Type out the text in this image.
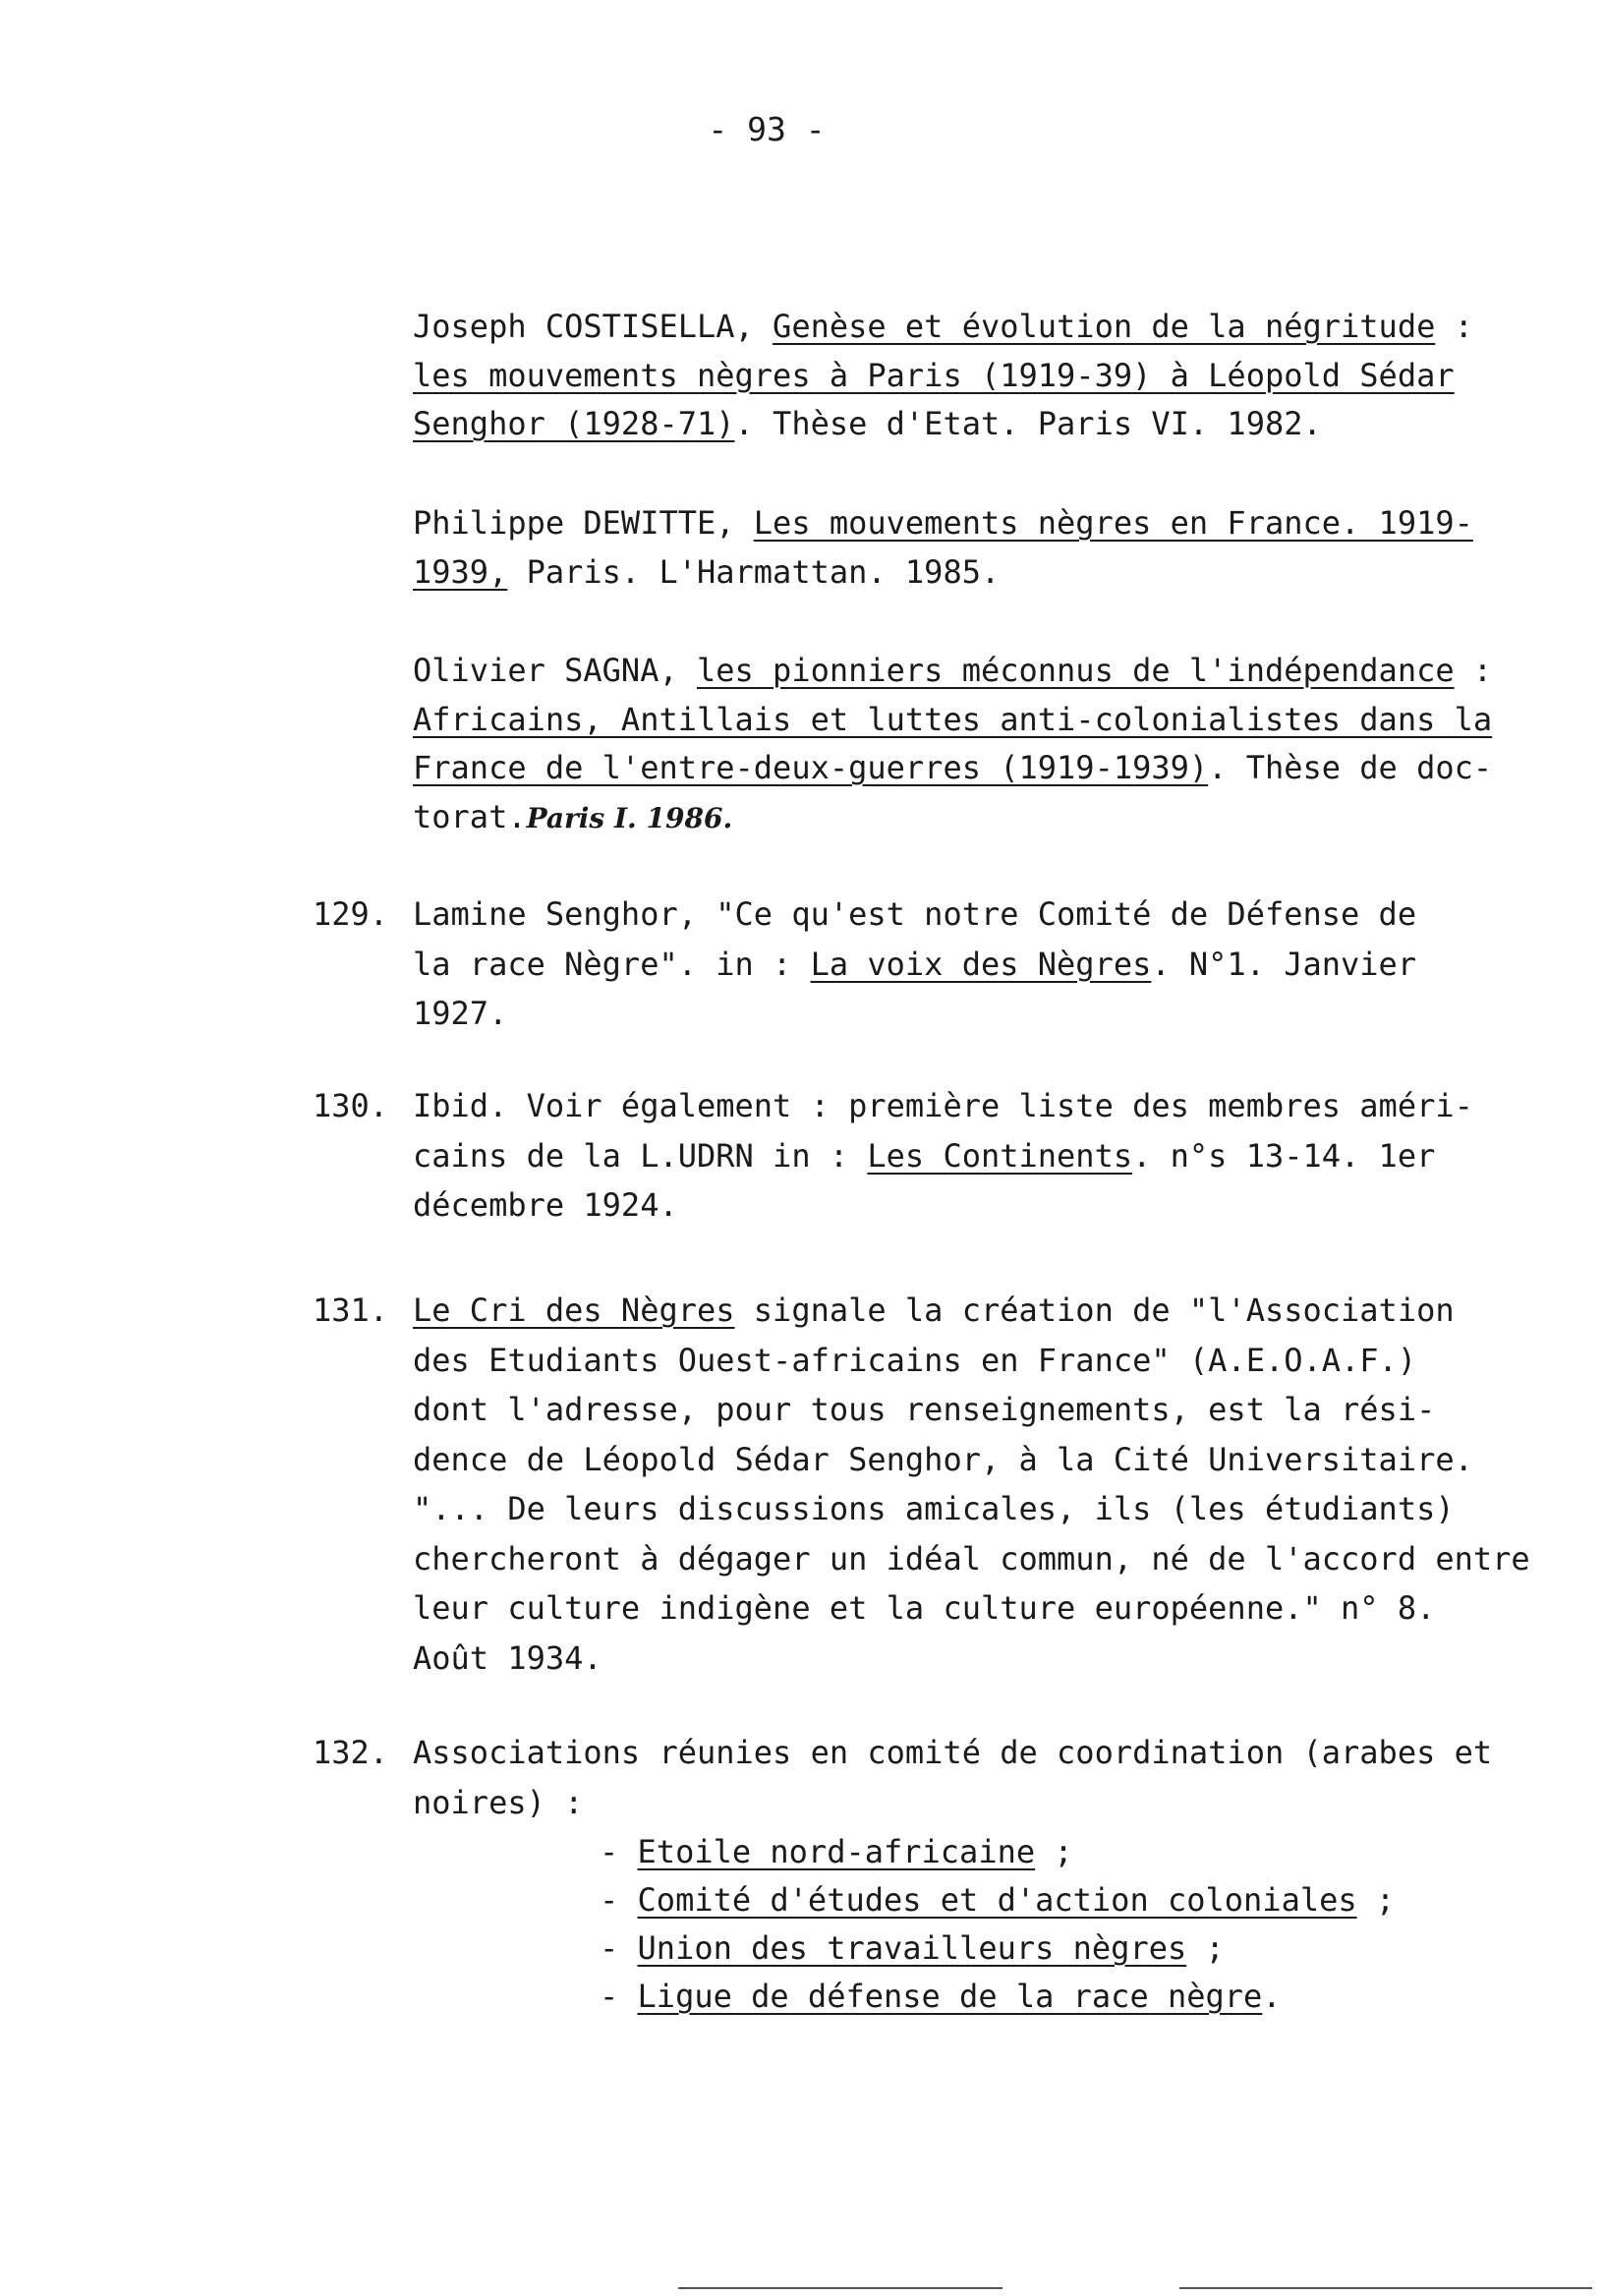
- 93 -
Joseph COSTISELLA, Genèse et évolution de la négritude :
les mouvements nègres à Paris (1919-39) à Léopold Sédar
Senghor (1928-71). Thèse d'Etat. Paris VI. 1982.
Philippe DEWITTE, Les mouvements nègres en France. 1919-
1939, Paris. L'Harmattan. 1985.
Olivier SAGNA, les pionniers méconnus de l'indépendance :
Africains, Antillais et luttes anti-colonialistes dans la
France de l'entre-deux-guerres (1919-1939). Thèse de doc-
torat.Paris I. 1986.
129. Lamine Senghor, "Ce qu'est notre Comité de Défense de
la race Nègre". in : La voix des Nègres. N°1. Janvier
1927.
130. Ibid. Voir également : première liste des membres améri-
cains de la L.UDRN in : Les Continents. n°s 13-14. 1er
décembre 1924.
131. Le Cri des Nègres signale la création de "l'Association
des Etudiants Ouest-africains en France" (A.E.O.A.F.)
dont l'adresse, pour tous renseignements, est la rési-
dence de Léopold Sédar Senghor, à la Cité Universitaire.
"... De leurs discussions amicales, ils (les étudiants)
chercheront à dégager un idéal commun, né de l'accord entre
leur culture indigène et la culture européenne." n° 8.
Août 1934.
132. Associations réunies en comité de coordination (arabes et
noires) :
- Etoile nord-africaine ;
- Comité d'études et d'action coloniales ;
- Union des travailleurs nègres ;
- Ligue de défense de la race nègre.
